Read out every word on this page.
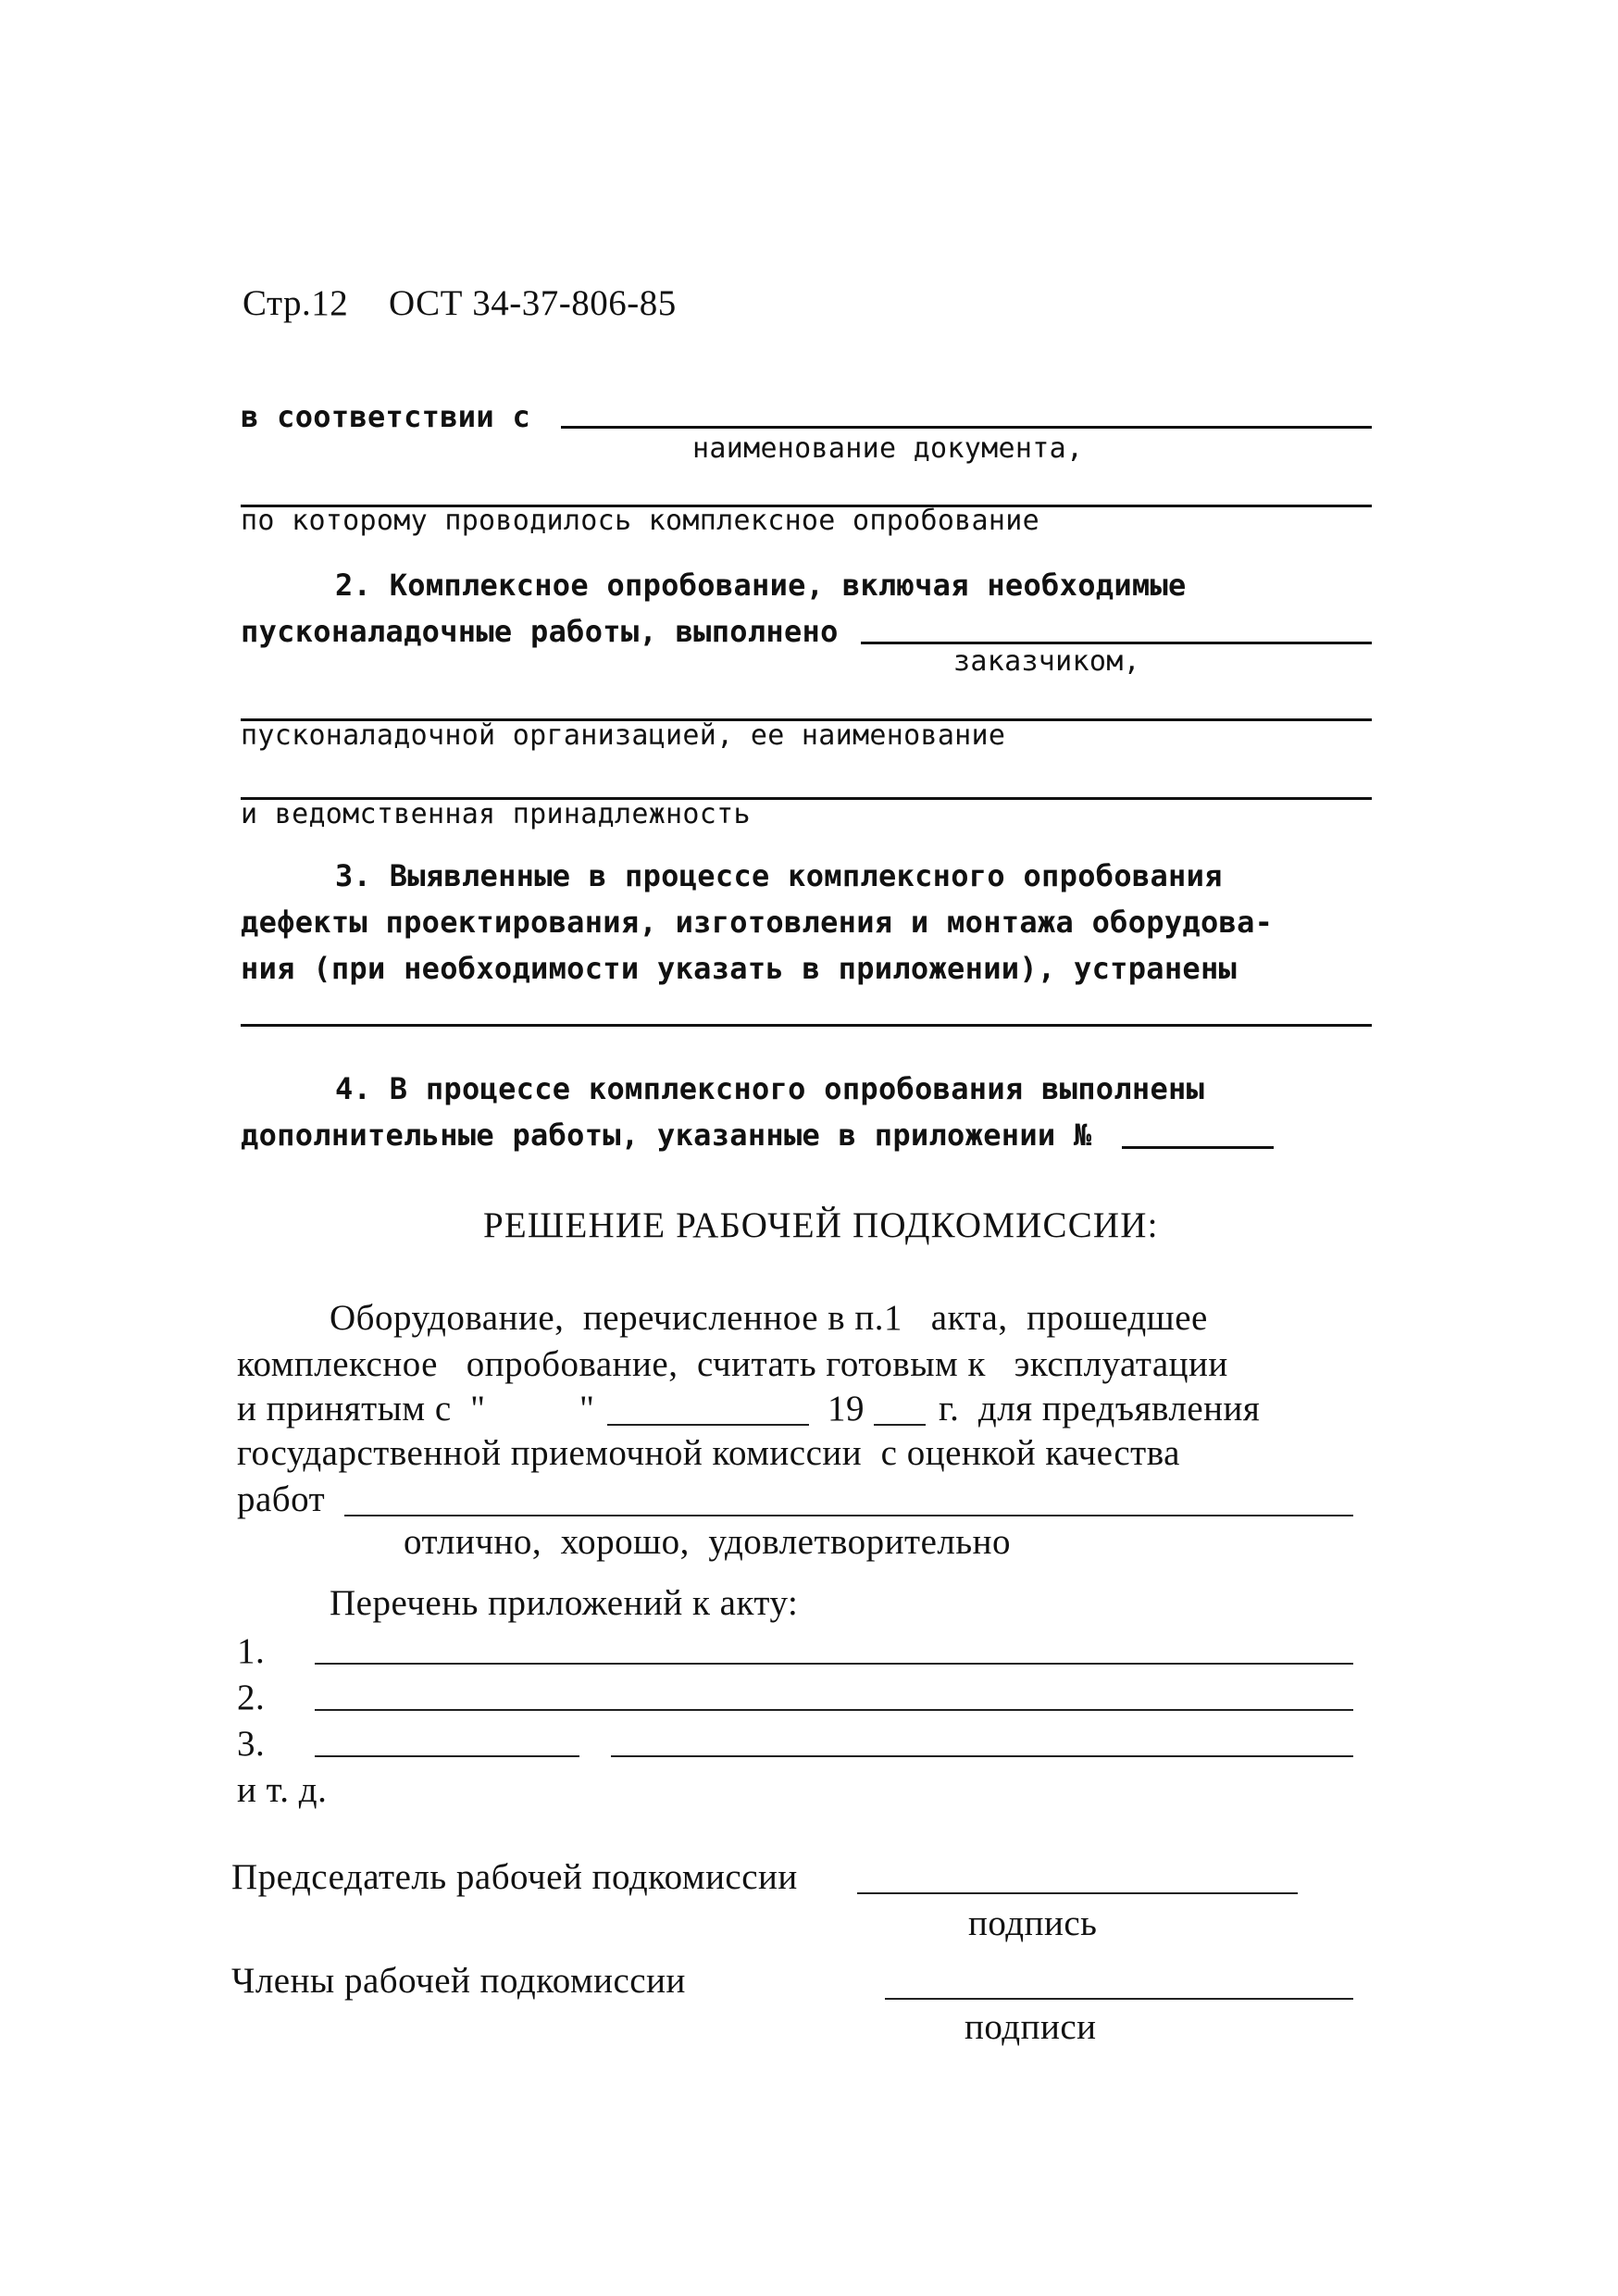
Стр.12 ОСТ 34-37-806-85
в соответствии с
наименование документа,
по которому проводилось комплексное опробование
2. Комплексное опробование, включая необходимые
пусконаладочные работы, выполнено
заказчиком,
пусконаладочной организацией, ее наименование
и ведомственная принадлежность
3. Выявленные в процессе комплексного опробования
дефекты проектирования, изготовления и монтажа оборудова-
ния (при необходимости указать в приложении), устранены
4. В процессе комплексного опробования выполнены
дополнительные работы, указанные в приложении №
РЕШЕНИЕ РАБОЧЕЙ ПОДКОМИССИИ:
Оборудование,  перечисленное в п.1   акта,  прошедшее
комплексное   опробование,  считать готовым к   эксплуатации
и принятым с  "	"	19 г.  для предъявления
государственной приемочной комиссии  с оценкой качества
работ
отлично,  хорошо,  удовлетворительно
Перечень приложений к акту:
1.
2.
3.
и т. д.
Председатель рабочей подкомиссии
подпись
Члены рабочей подкомиссии
подписи
